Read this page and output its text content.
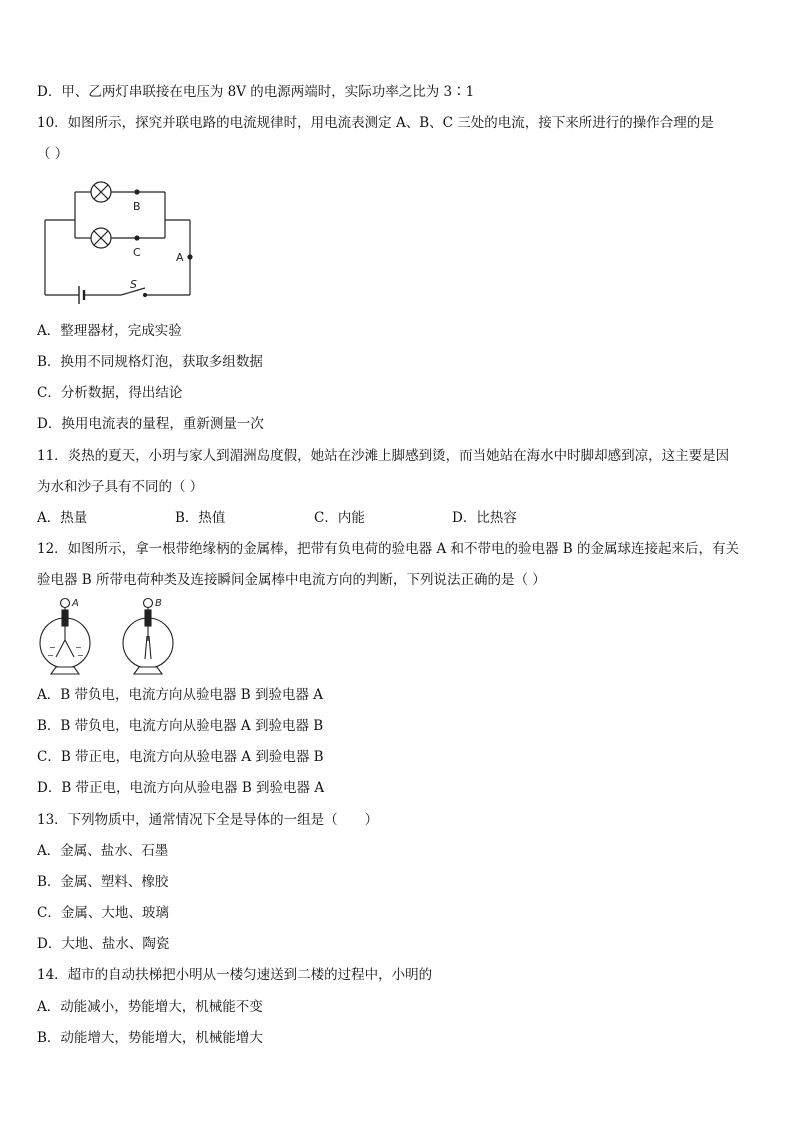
D．甲、乙两灯串联接在电压为 8V 的电源两端时，实际功率之比为 3∶1
10．如图所示，探究并联电路的电流规律时，用电流表测定 A、B、C 三处的电流，接下来所进行的操作合理的是
（ ）
B
C	A
S
A．整理器材，完成实验
B．换用不同规格灯泡，获取多组数据
C．分析数据，得出结论
D．换用电流表的量程，重新测量一次
11．炎热的夏天，小玥与家人到湄洲岛度假，她站在沙滩上脚感到烫，而当她站在海水中时脚却感到凉，这主要是因
为水和沙子具有不同的（ ）
A．热量	B．热值	C．内能	D．比热容
12．如图所示，拿一根带绝缘柄的金属棒，把带有负电荷的验电器 A 和不带电的验电器 B 的金属球连接起来后，有关
验电器 B 所带电荷种类及连接瞬间金属棒中电流方向的判断，下列说法正确的是（ ）
−
−
−
−
A	B
A．B 带负电，电流方向从验电器 B 到验电器 A
B．B 带负电，电流方向从验电器 A 到验电器 B
C．B 带正电，电流方向从验电器 A 到验电器 B
D．B 带正电，电流方向从验电器 B 到验电器 A
13．下列物质中，通常情况下全是导体的一组是（　　）
A．金属、盐水、石墨
B．金属、塑料、橡胶
C．金属、大地、玻璃
D．大地、盐水、陶瓷
14．超市的自动扶梯把小明从一楼匀速送到二楼的过程中，小明的
A．动能减小，势能增大，机械能不变
B．动能增大，势能增大，机械能增大
